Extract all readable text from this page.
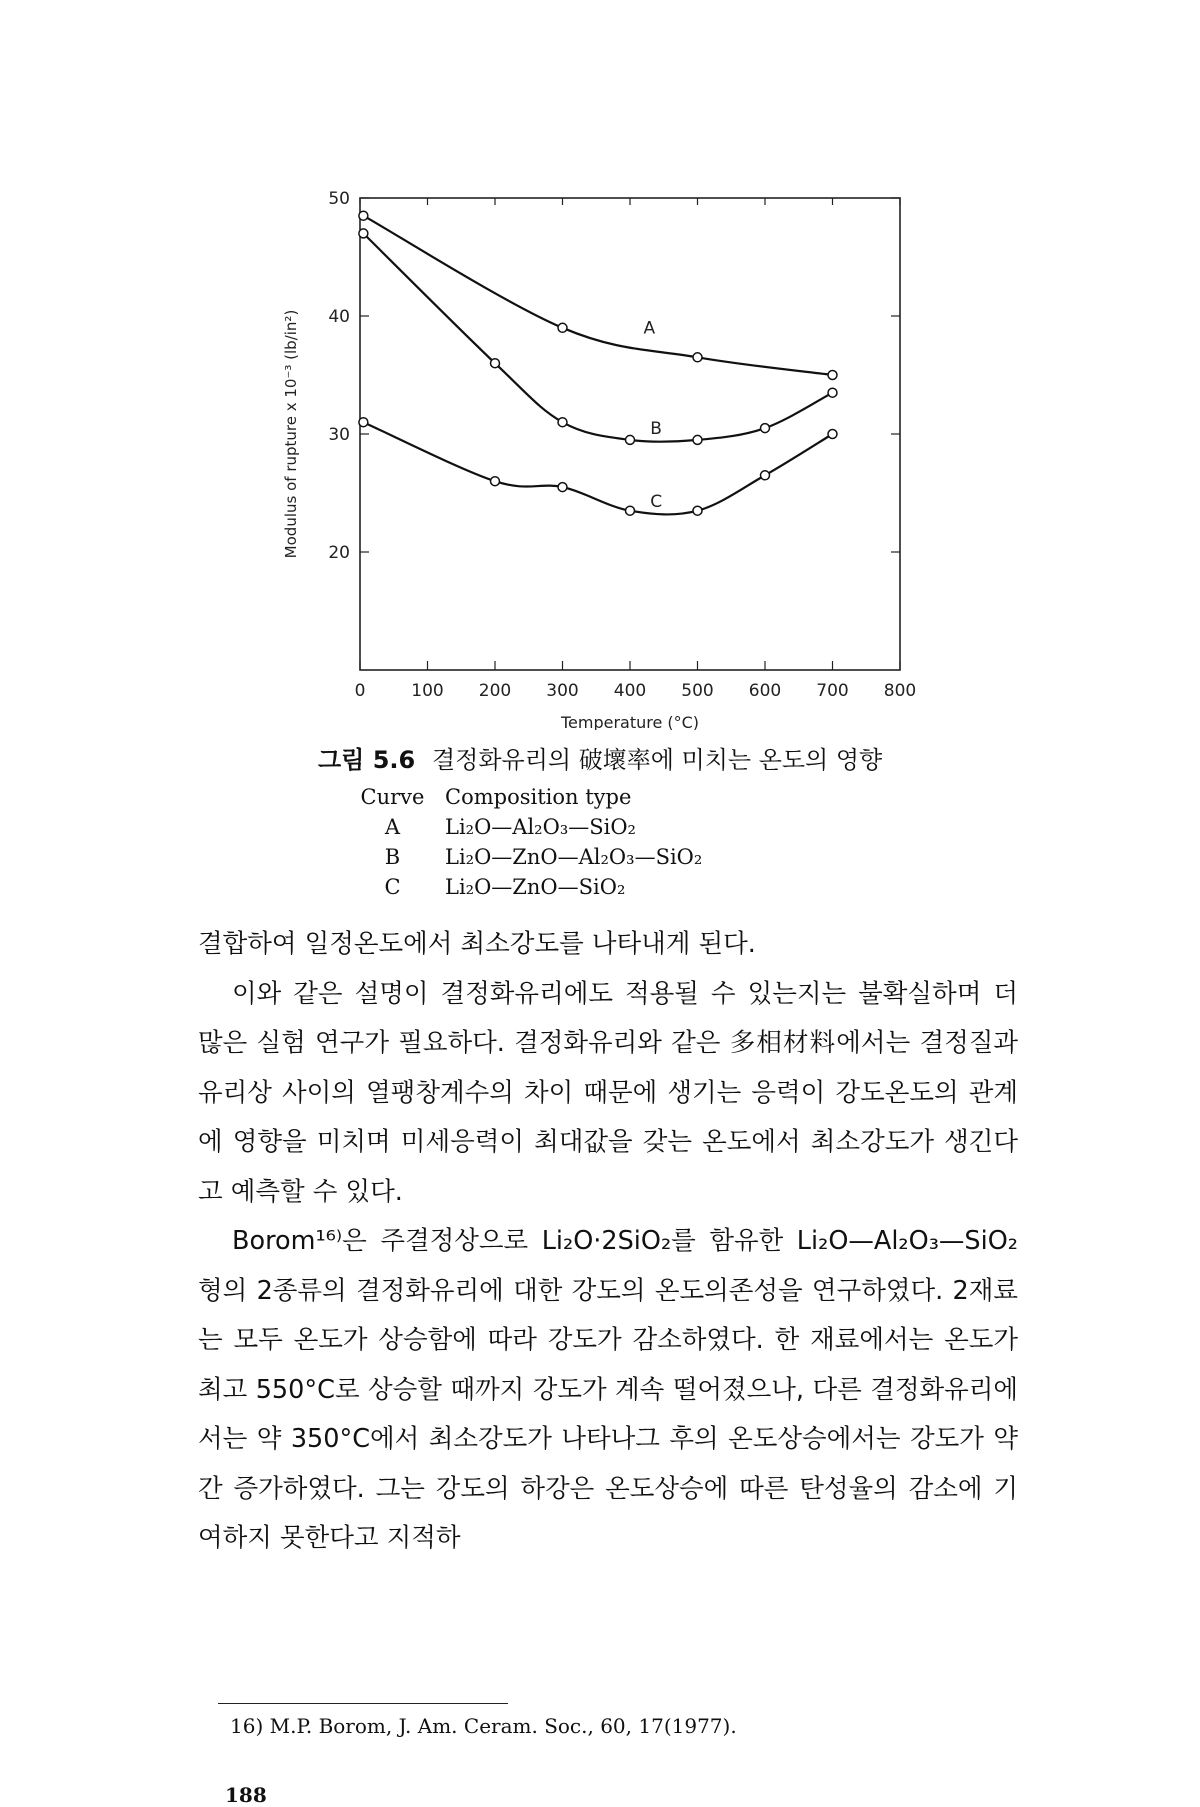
0	100 200 300 400 500 600 700 800
20
30
40
50
A
B
C
Temperature (°C)
Modulus of rupture x 10⁻³ (lb/in²)
그림 5.6 결정화유리의 破壞率에 미치는 온도의 영향
Curve	Composition type
A	Li₂O—Al₂O₃—SiO₂
B	Li₂O—ZnO—Al₂O₃—SiO₂
C	Li₂O—ZnO—SiO₂

결합하여 일정온도에서 최소강도를 나타내게 된다.

이와 같은 설명이 결정화유리에도 적용될 수 있는지는 불확실하며 더 많은 실험 연구가 필요하다. 결정화유리와 같은 多相材料에서는 결정질과 유리상 사이의 열팽창계수의 차이 때문에 생기는 응력이 강도온도의 관계에 영향을 미치며 미세응력이 최대값을 갖는 온도에서 최소강도가 생긴다고 예측할 수 있다.

Borom¹⁶⁾은 주결정상으로 Li₂O·2SiO₂를 함유한 Li₂O—Al₂O₃—SiO₂형의 2종류의 결정화유리에 대한 강도의 온도의존성을 연구하였다. 2재료는 모두 온도가 상승함에 따라 강도가 감소하였다. 한 재료에서는 온도가 최고 550°C로 상승할 때까지 강도가 계속 떨어졌으나, 다른 결정화유리에서는 약 350°C에서 최소강도가 나타나그 후의 온도상승에서는 강도가 약간 증가하였다. 그는 강도의 하강은 온도상승에 따른 탄성율의 감소에 기여하지 못한다고 지적하

16) M.P. Borom, J. Am. Ceram. Soc., 60, 17(1977).
188
